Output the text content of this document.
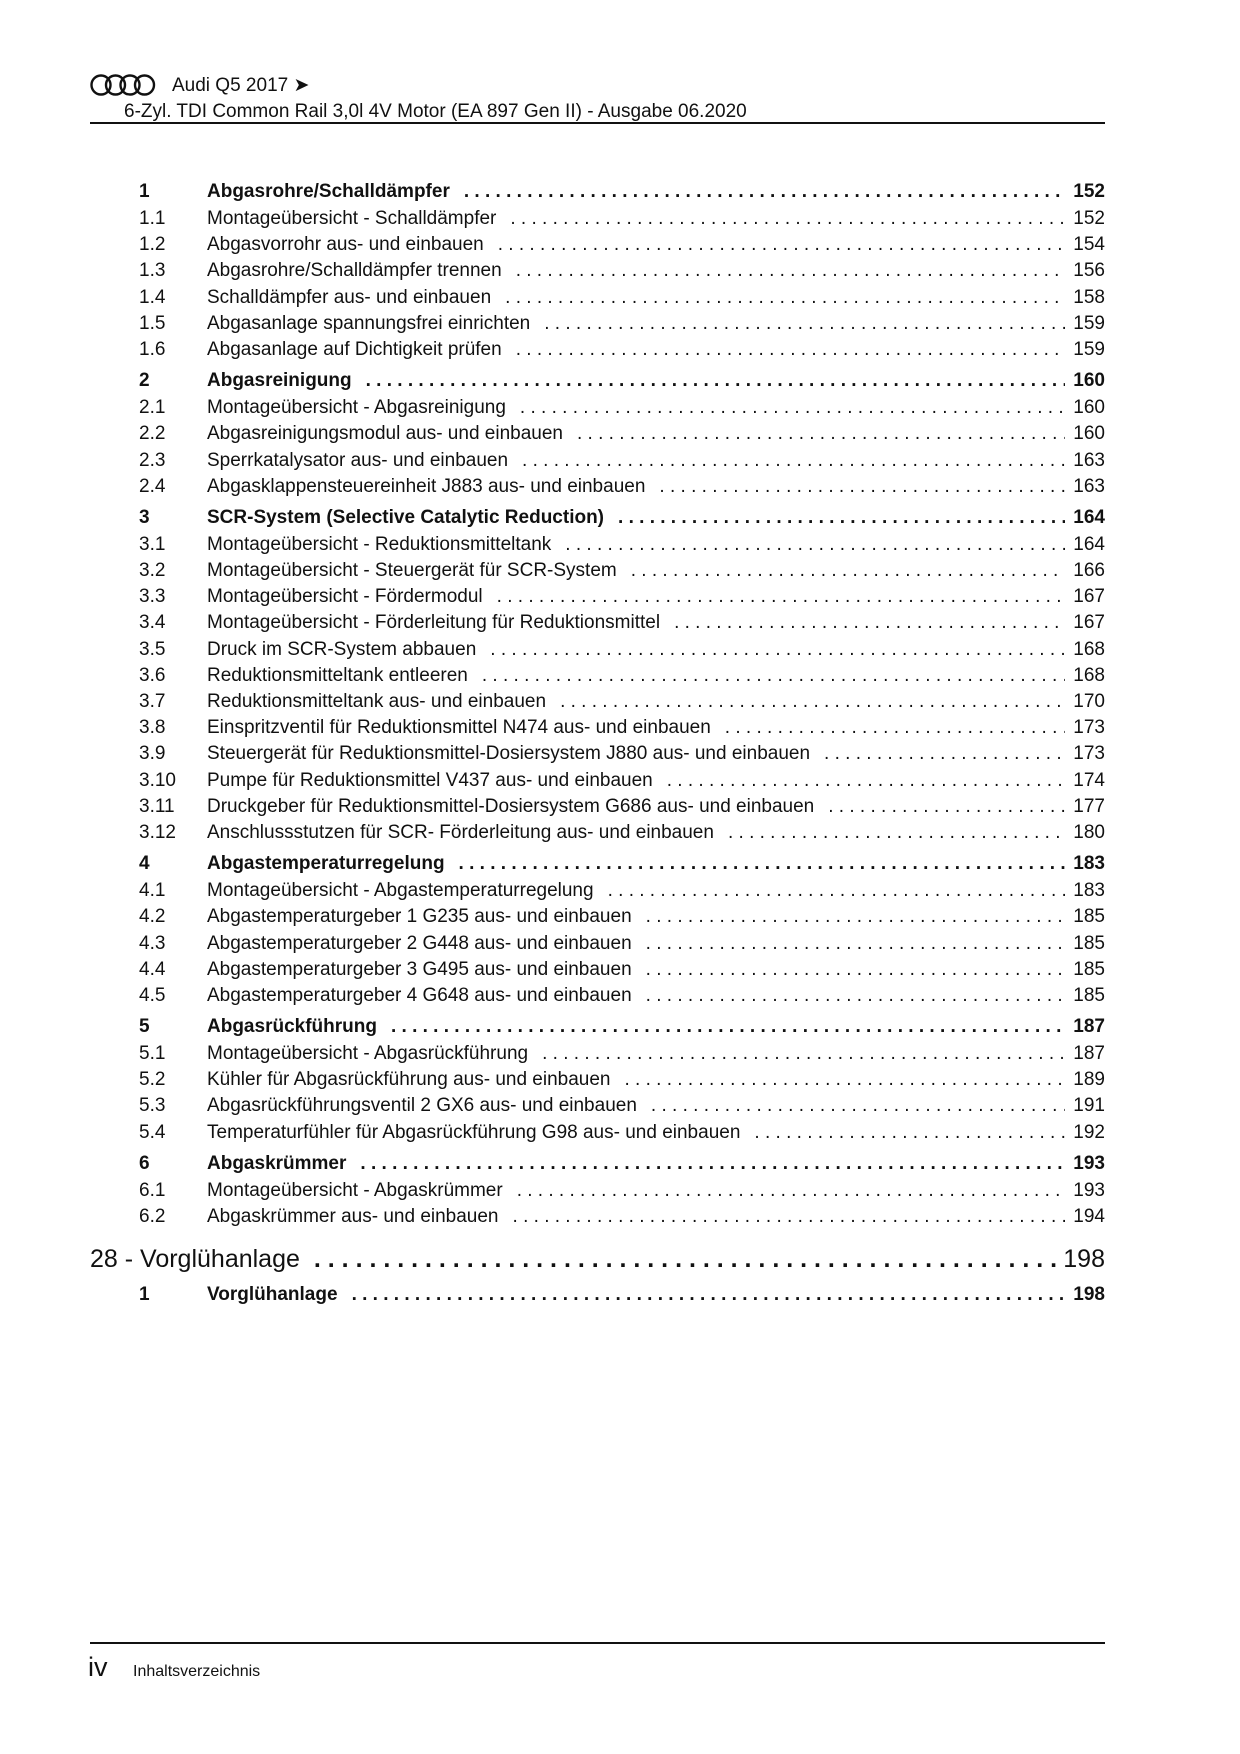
Audi Q5 2017 ➤
6-Zyl. TDI Common Rail 3,0l 4V Motor (EA 897 Gen II) - Ausgabe 06.2020
1	Abgasrohre/Schalldämpfer . . .	152
1.1 Montageübersicht - Schalldämpfer . . .	152
1.2 Abgasvorrohr aus- und einbauen . . .	154
1.3 Abgasrohre/Schalldämpfer trennen . . .	156
1.4 Schalldämpfer aus- und einbauen . . .	158
1.5 Abgasanlage spannungsfrei einrichten . . .	159
1.6 Abgasanlage auf Dichtigkeit prüfen . . .	159
2	Abgasreinigung . . .	160
2.1 Montageübersicht - Abgasreinigung . . .	160
2.2 Abgasreinigungsmodul aus- und einbauen . . .	160
2.3 Sperrkatalysator aus- und einbauen . . .	163
2.4 Abgasklappensteuereinheit J883 aus- und einbauen . . .	163
3	SCR-System (Selective Catalytic Reduction) . . .	164
3.1 Montageübersicht - Reduktionsmitteltank . . .	164
3.2 Montageübersicht - Steuergerät für SCR-System . . .	166
3.3 Montageübersicht - Fördermodul . . .	167
3.4 Montageübersicht - Förderleitung für Reduktionsmittel . . .	167
3.5 Druck im SCR-System abbauen . . .	168
3.6 Reduktionsmitteltank entleeren . . .	168
3.7 Reduktionsmitteltank aus- und einbauen . . .	170
3.8 Einspritzventil für Reduktionsmittel N474 aus- und einbauen . . .	173
3.9 Steuergerät für Reduktionsmittel-Dosiersystem J880 aus- und einbauen . . .	173
3.10 Pumpe für Reduktionsmittel V437 aus- und einbauen . . .	174
3.11 Druckgeber für Reduktionsmittel-Dosiersystem G686 aus- und einbauen . . .	177
3.12 Anschlussstutzen für SCR- Förderleitung aus- und einbauen . . .	180
4	Abgastemperaturregelung . . .	183
4.1 Montageübersicht - Abgastemperaturregelung . . .	183
4.2 Abgastemperaturgeber 1 G235 aus- und einbauen . . .	185
4.3 Abgastemperaturgeber 2 G448 aus- und einbauen . . .	185
4.4 Abgastemperaturgeber 3 G495 aus- und einbauen . . .	185
4.5 Abgastemperaturgeber 4 G648 aus- und einbauen . . .	185
5	Abgasrückführung . . .	187
5.1 Montageübersicht - Abgasrückführung . . .	187
5.2 Kühler für Abgasrückführung aus- und einbauen . . .	189
5.3 Abgasrückführungsventil 2 GX6 aus- und einbauen . . .	191
5.4 Temperaturfühler für Abgasrückführung G98 aus- und einbauen . . .	192
6	Abgaskrümmer . . .	193
6.1 Montageübersicht - Abgaskrümmer . . .	193
6.2 Abgaskrümmer aus- und einbauen . . .	194
28 - Vorglühanlage . . .	198
1	Vorglühanlage . . .	198
iv Inhaltsverzeichnis
